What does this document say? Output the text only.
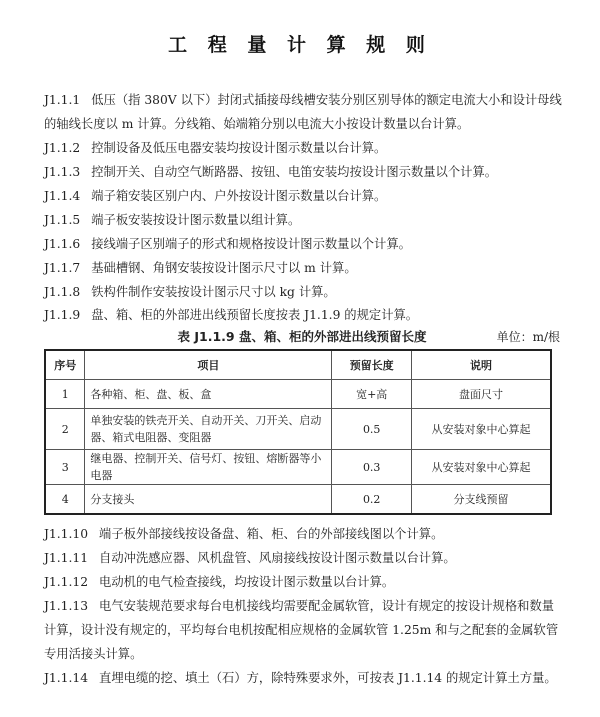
工 程 量 计 算 规 则

J1.1.1 低压（指 380V 以下）封闭式插接母线槽安装分别区别导体的额定电流大小和设计母线的轴线长度以 m 计算。分线箱、始端箱分别以电流大小按设计数量以台计算。

J1.1.2 控制设备及低压电器安装均按设计图示数量以台计算。

J1.1.3 控制开关、自动空气断路器、按钮、电笛安装均按设计图示数量以个计算。

J1.1.4 端子箱安装区别户内、户外按设计图示数量以台计算。

J1.1.5 端子板安装按设计图示数量以组计算。

J1.1.6 接线端子区别端子的形式和规格按设计图示数量以个计算。

J1.1.7 基础槽钢、角钢安装按设计图示尺寸以 m 计算。

J1.1.8 铁构件制作安装按设计图示尺寸以 kg 计算。

J1.1.9 盘、箱、柜的外部进出线预留长度按表 J1.1.9 的规定计算。

表 J1.1.9 盘、箱、柜的外部进出线预留长度	单位：m/根
序号	项目	预留长度	说明
1	各种箱、柜、盘、板、盒	宽+高	盘面尺寸
2	单独安装的铁壳开关、自动开关、刀开关、启动器、箱式电阻器、变阻器	0.5	从安装对象中心算起
3	继电器、控制开关、信号灯、按钮、熔断器等小电器	0.3	从安装对象中心算起
4	分支接头	0.2	分支线预留

J1.1.10 端子板外部接线按设备盘、箱、柜、台的外部接线图以个计算。

J1.1.11 自动冲洗感应器、风机盘管、风扇接线按设计图示数量以台计算。

J1.1.12 电动机的电气检查接线，均按设计图示数量以台计算。

J1.1.13 电气安装规范要求每台电机接线均需要配金属软管，设计有规定的按设计规格和数量计算，设计没有规定的，平均每台电机按配相应规格的金属软管 1.25m 和与之配套的金属软管专用活接头计算。

J1.1.14 直埋电缆的挖、填土（石）方，除特殊要求外，可按表 J1.1.14 的规定计算土方量。
